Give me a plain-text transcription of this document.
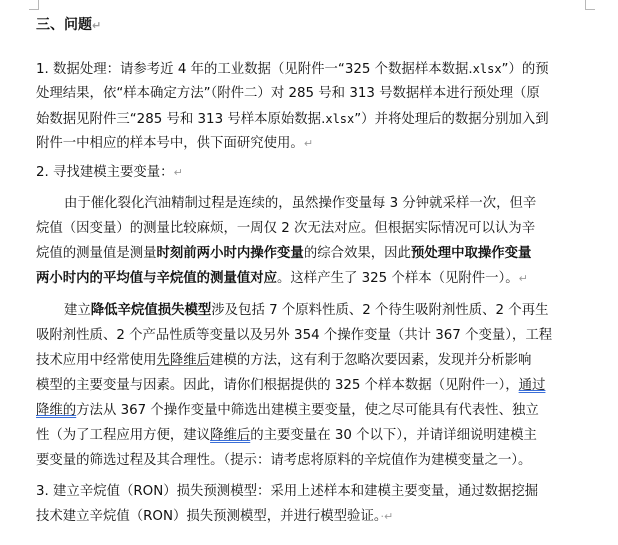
三、问题↵
1. 数据处理：请参考近 4 年的工业数据（见附件一“325 个数据样本数据.xlsx”）的预
处理结果，依“样本确定方法”（附件二）对 285 号和 313 号数据样本进行预处理（原
始数据见附件三“285 号和 313 号样本原始数据.xlsx”）并将处理后的数据分别加入到
附件一中相应的样本号中，供下面研究使用。↵
2. 寻找建模主要变量：↵
由于催化裂化汽油精制过程是连续的，虽然操作变量每 3 分钟就采样一次，但辛
烷值（因变量）的测量比较麻烦，一周仅 2 次无法对应。但根据实际情况可以认为辛
烷值的测量值是测量时刻前两小时内操作变量的综合效果，因此预处理中取操作变量
两小时内的平均值与辛烷值的测量值对应。这样产生了 325 个样本（见附件一）。↵
建立降低辛烷值损失模型涉及包括 7 个原料性质、2 个待生吸附剂性质、2 个再生
吸附剂性质、2 个产品性质等变量以及另外 354 个操作变量（共计 367 个变量），工程
技术应用中经常使用先降维后建模的方法，这有利于忽略次要因素，发现并分析影响
模型的主要变量与因素。因此，请你们根据提供的 325 个样本数据（见附件一），通过
降维的方法从 367 个操作变量中筛选出建模主要变量，使之尽可能具有代表性、独立
性（为了工程应用方便，建议降维后的主要变量在 30 个以下），并请详细说明建模主
要变量的筛选过程及其合理性。（提示：请考虑将原料的辛烷值作为建模变量之一）。
3. 建立辛烷值（RON）损失预测模型：采用上述样本和建模主要变量，通过数据挖掘
技术建立辛烷值（RON）损失预测模型，并进行模型验证。·↵
